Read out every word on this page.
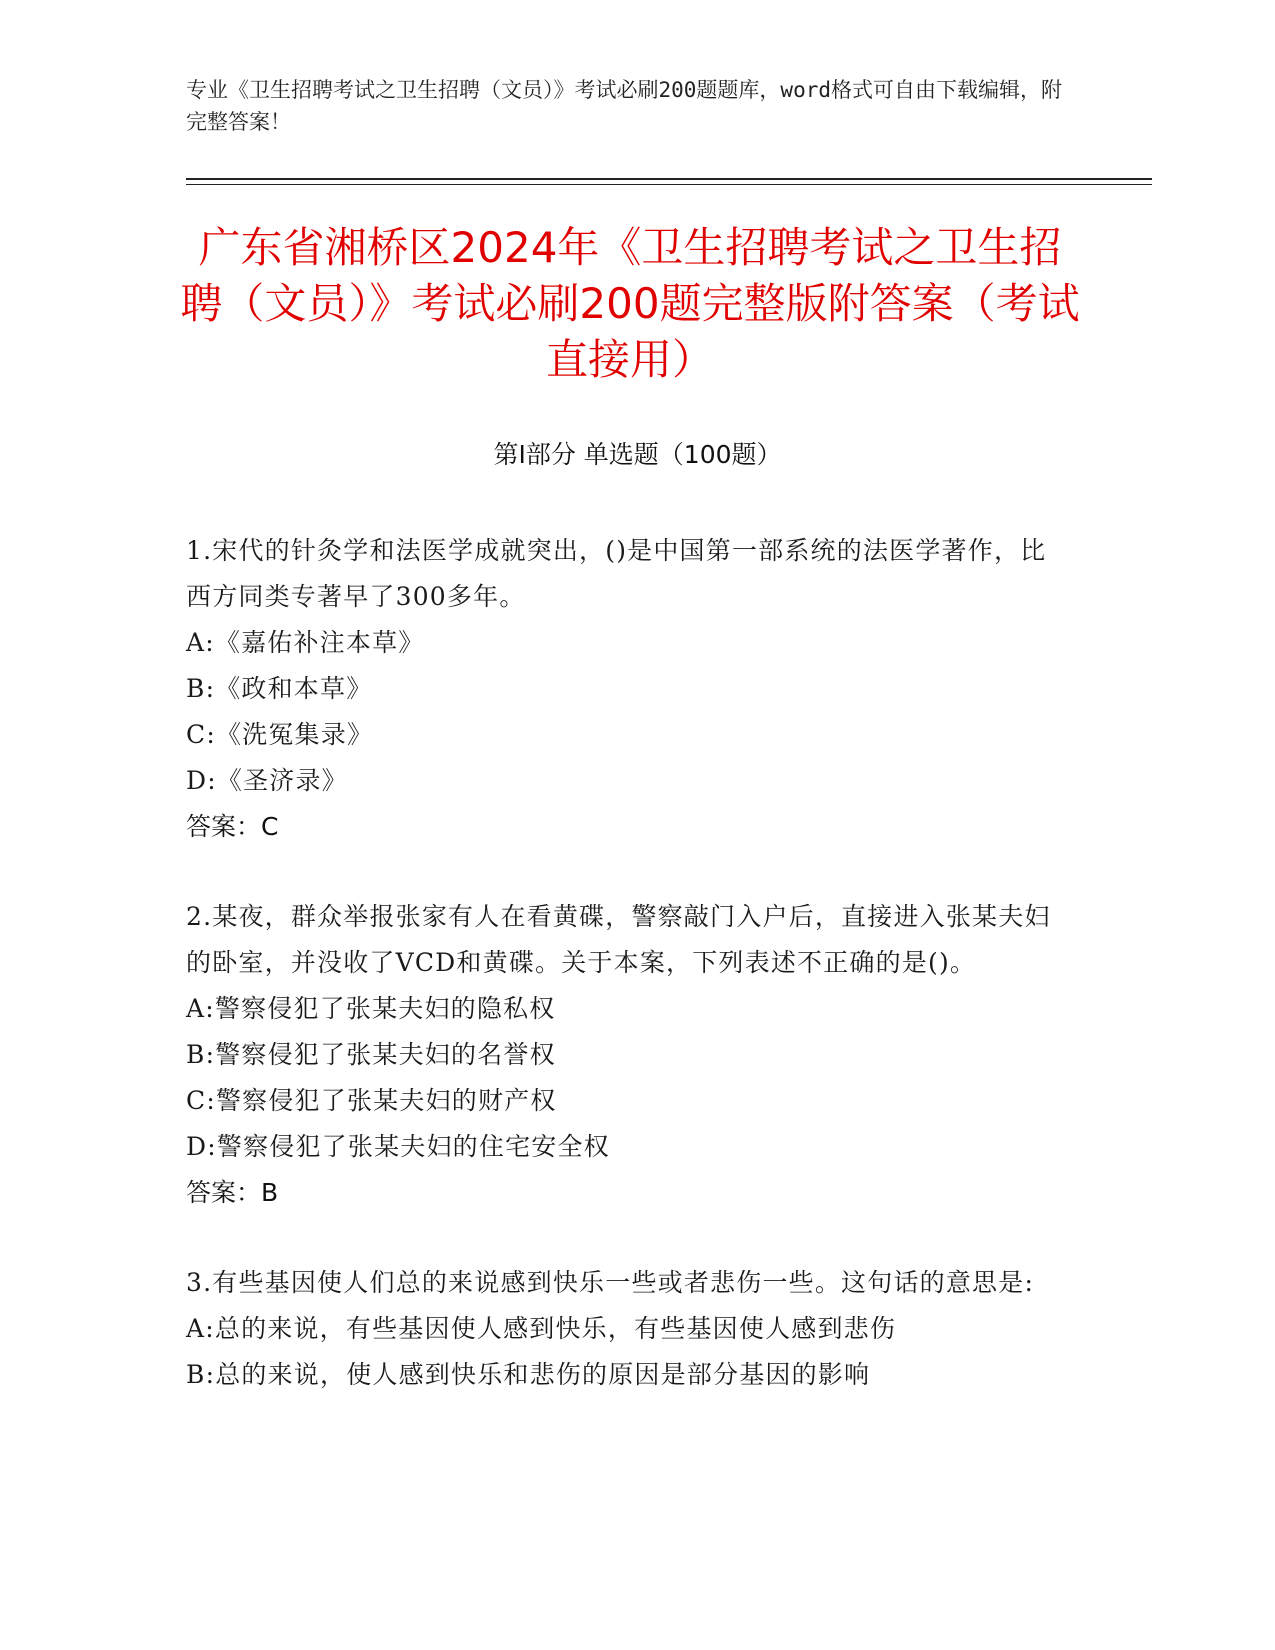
专业《卫生招聘考试之卫生招聘（文员）》考试必刷200题题库，word格式可自由下载编辑，附完整答案！
广东省湘桥区2024年《卫生招聘考试之卫生招聘（文员）》考试必刷200题完整版附答案（考试直接用）
第Ⅰ部分 单选题（100题）
1.宋代的针灸学和法医学成就突出，()是中国第一部系统的法医学著作，比西方同类专著早了300多年。
A:《嘉佑补注本草》
B:《政和本草》
C:《洗冤集录》
D:《圣济录》
答案：C
2.某夜，群众举报张家有人在看黄碟，警察敲门入户后，直接进入张某夫妇的卧室，并没收了VCD和黄碟。关于本案，下列表述不正确的是()。
A:警察侵犯了张某夫妇的隐私权
B:警察侵犯了张某夫妇的名誉权
C:警察侵犯了张某夫妇的财产权
D:警察侵犯了张某夫妇的住宅安全权
答案：B
3.有些基因使人们总的来说感到快乐一些或者悲伤一些。这句话的意思是:
A:总的来说，有些基因使人感到快乐，有些基因使人感到悲伤
B:总的来说，使人感到快乐和悲伤的原因是部分基因的影响
